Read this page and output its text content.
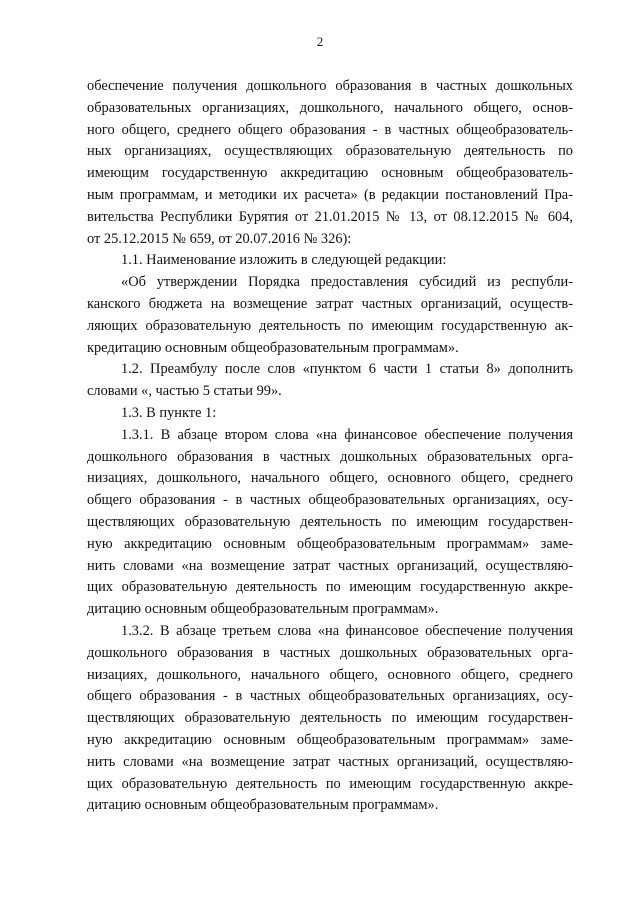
2

обеспечение получения дошкольного образования в частных дошкольных
образовательных организациях, дошкольного, начального общего, основ-
ного общего, среднего общего образования - в частных общеобразователь-
ных организациях, осуществляющих образовательную деятельность по
имеющим государственную аккредитацию основным общеобразователь-
ным программам, и методики их расчета» (в редакции постановлений Пра-
вительства Республики Бурятия от 21.01.2015 № 13, от 08.12.2015 № 604,
от 25.12.2015 № 659, от 20.07.2016 № 326):

1.1. Наименование изложить в следующей редакции:

«Об утверждении Порядка предоставления субсидий из республи-
канского бюджета на возмещение затрат частных организаций, осуществ-
ляющих образовательную деятельность по имеющим государственную ак-
кредитацию основным общеобразовательным программам».

1.2. Преамбулу после слов «пунктом 6 части 1 статьи 8» дополнить
словами «, частью 5 статьи 99».

1.3. В пункте 1:

1.3.1. В абзаце втором слова «на финансовое обеспечение получения
дошкольного образования в частных дошкольных образовательных орга-
низациях, дошкольного, начального общего, основного общего, среднего
общего образования - в частных общеобразовательных организациях, осу-
ществляющих образовательную деятельность по имеющим государствен-
ную аккредитацию основным общеобразовательным программам» заме-
нить словами «на возмещение затрат частных организаций, осуществляю-
щих образовательную деятельность по имеющим государственную аккре-
дитацию основным общеобразовательным программам».

1.3.2. В абзаце третьем слова «на финансовое обеспечение получения
дошкольного образования в частных дошкольных образовательных орга-
низациях, дошкольного, начального общего, основного общего, среднего
общего образования - в частных общеобразовательных организациях, осу-
ществляющих образовательную деятельность по имеющим государствен-
ную аккредитацию основным общеобразовательным программам» заме-
нить словами «на возмещение затрат частных организаций, осуществляю-
щих образовательную деятельность по имеющим государственную аккре-
дитацию основным общеобразовательным программам».
